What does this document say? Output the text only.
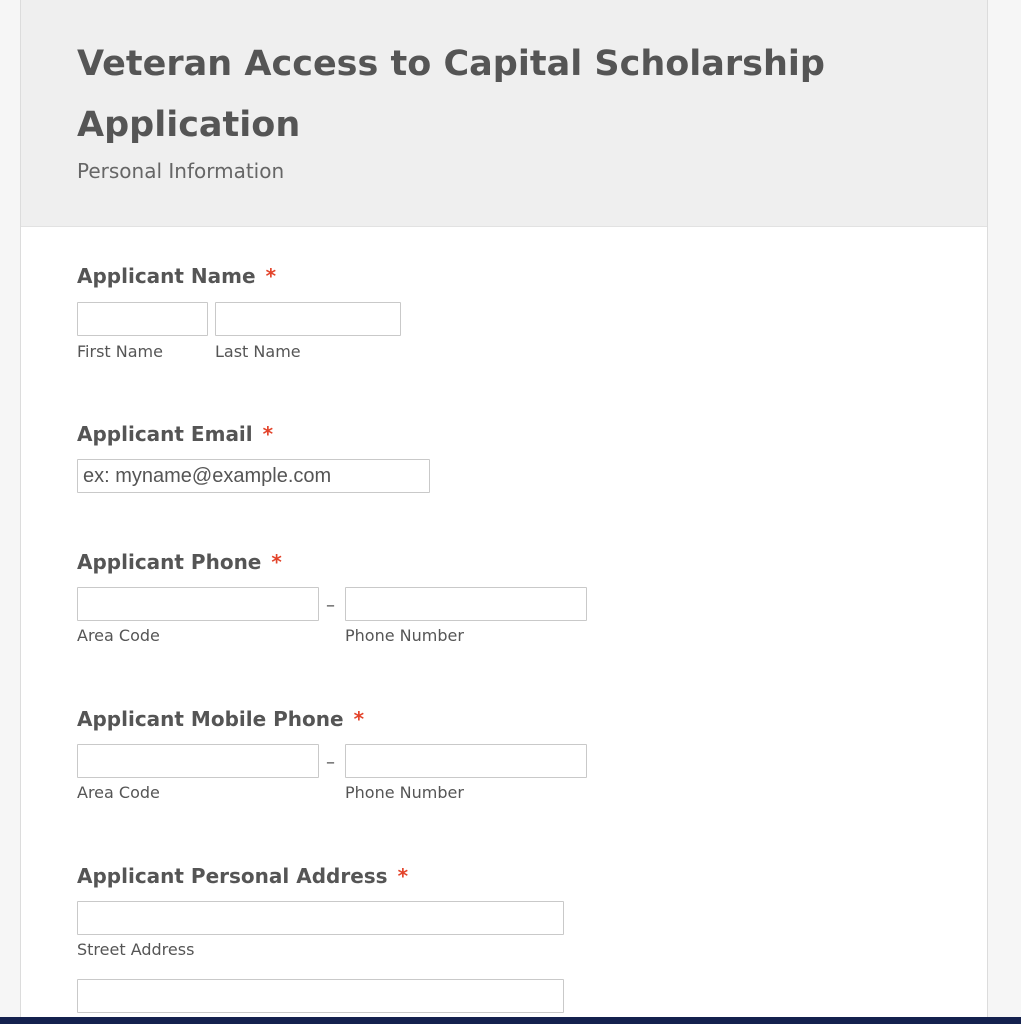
Veteran Access to Capital Scholarship Application

Personal Information

Applicant Name *
First Name	Last Name
Applicant Email *
ex: myname@example.com
Applicant Phone *
–
Area Code	Phone Number
Applicant Mobile Phone *
–
Area Code	Phone Number
Applicant Personal Address *
Street Address
